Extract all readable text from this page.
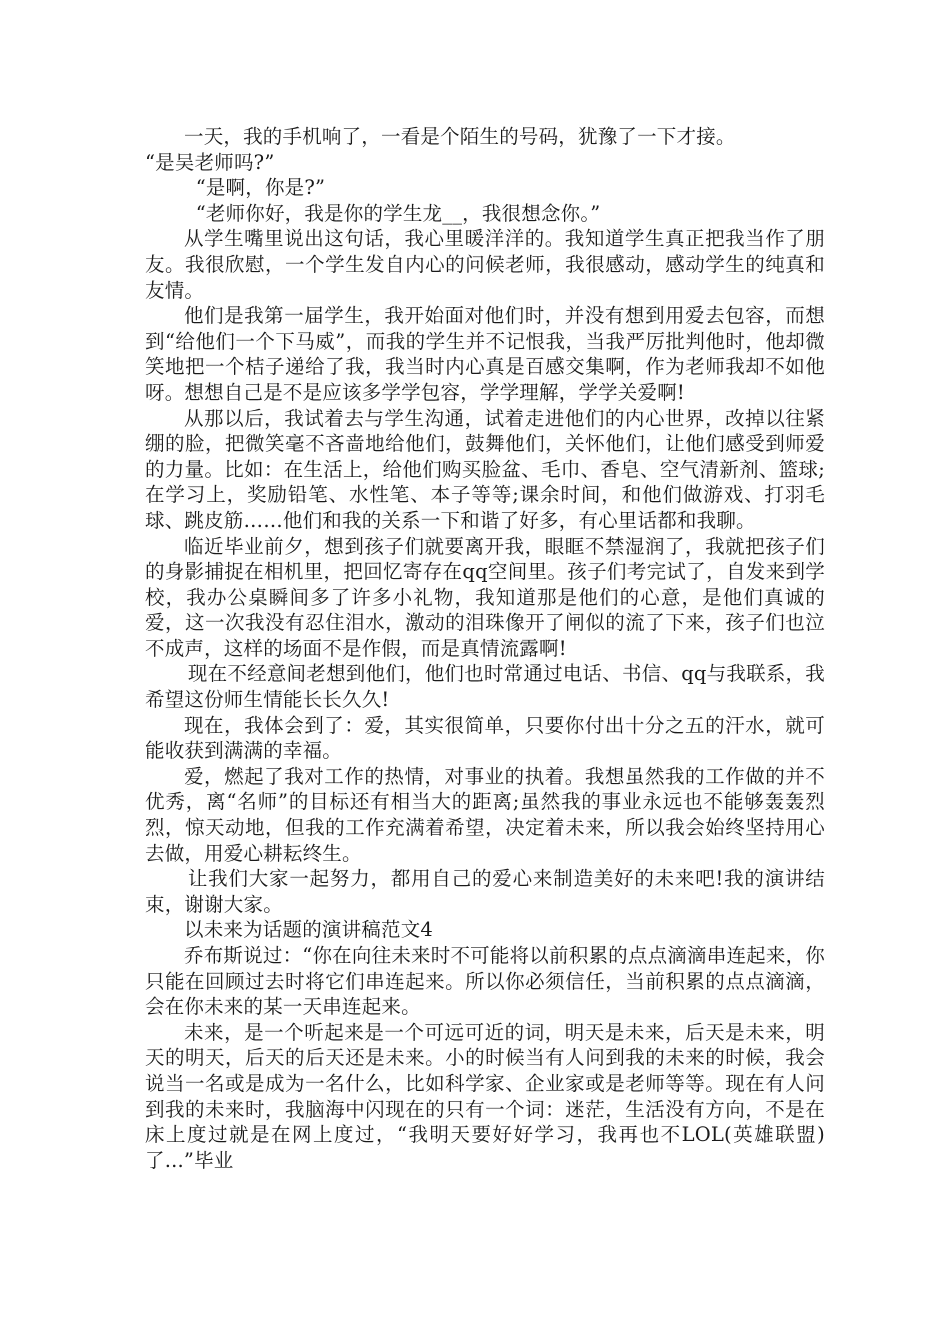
一天，我的手机响了，一看是个陌生的号码，犹豫了一下才接。

“是吴老师吗?”

“是啊，你是?”

“老师你好，我是你的学生龙__，我很想念你。”

从学生嘴里说出这句话，我心里暖洋洋的。我知道学生真正把我当作了朋友。我很欣慰，一个学生发自内心的问候老师，我很感动，感动学生的纯真和友情。

他们是我第一届学生，我开始面对他们时，并没有想到用爱去包容，而想到“给他们一个下马威”，而我的学生并不记恨我，当我严厉批判他时，他却微笑地把一个桔子递给了我，我当时内心真是百感交集啊，作为老师我却不如他呀。想想自己是不是应该多学学包容，学学理解，学学关爱啊!

从那以后，我试着去与学生沟通，试着走进他们的内心世界，改掉以往紧绷的脸，把微笑毫不吝啬地给他们，鼓舞他们，关怀他们，让他们感受到师爱的力量。比如：在生活上，给他们购买脸盆、毛巾、香皂、空气清新剂、篮球;在学习上，奖励铅笔、水性笔、本子等等;课余时间，和他们做游戏、打羽毛球、跳皮筋……他们和我的关系一下和谐了好多，有心里话都和我聊。

临近毕业前夕，想到孩子们就要离开我，眼眶不禁湿润了，我就把孩子们的身影捕捉在相机里，把回忆寄存在qq空间里。孩子们考完试了，自发来到学校，我办公桌瞬间多了许多小礼物，我知道那是他们的心意，是他们真诚的爱，这一次我没有忍住泪水，激动的泪珠像开了闸似的流了下来，孩子们也泣不成声，这样的场面不是作假，而是真情流露啊!

现在不经意间老想到他们，他们也时常通过电话、书信、qq与我联系，我希望这份师生情能长长久久!

现在，我体会到了：爱，其实很简单，只要你付出十分之五的汗水，就可能收获到满满的幸福。

爱，燃起了我对工作的热情，对事业的执着。我想虽然我的工作做的并不优秀，离“名师”的目标还有相当大的距离;虽然我的事业永远也不能够轰轰烈烈，惊天动地，但我的工作充满着希望，决定着未来，所以我会始终坚持用心去做，用爱心耕耘终生。

让我们大家一起努力，都用自己的爱心来制造美好的未来吧!我的演讲结束，谢谢大家。

以未来为话题的演讲稿范文4

乔布斯说过：“你在向往未来时不可能将以前积累的点点滴滴串连起来，你只能在回顾过去时将它们串连起来。所以你必须信任，当前积累的点点滴滴，会在你未来的某一天串连起来。

未来，是一个听起来是一个可远可近的词，明天是未来，后天是未来，明天的明天，后天的后天还是未来。小的时候当有人问到我的未来的时候，我会说当一名或是成为一名什么，比如科学家、企业家或是老师等等。现在有人问到我的未来时，我脑海中闪现在的只有一个词：迷茫，生活没有方向，不是在床上度过就是在网上度过，“我明天要好好学习，我再也不LOL(英雄联盟)了...”毕业
